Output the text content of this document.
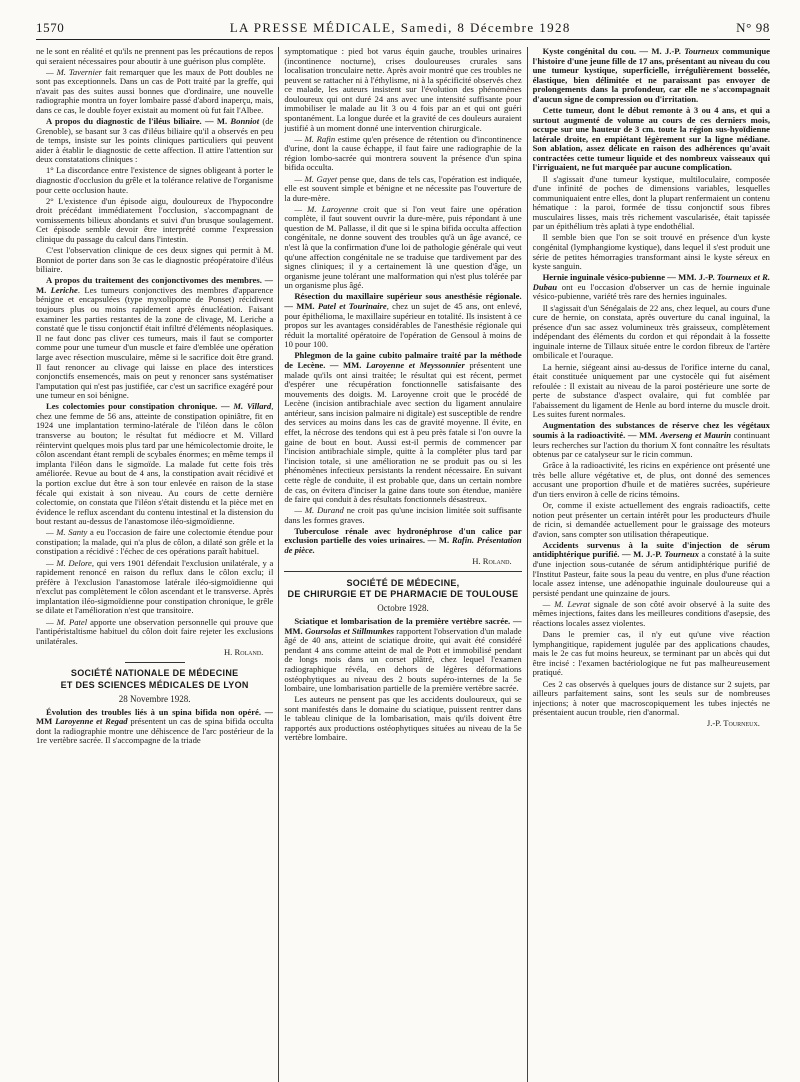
1570	LA PRESSE MÉDICALE, Samedi, 8 Décembre 1928	N° 98

ne le sont en réalité et qu'ils ne prennent pas les précautions de repos qui seraient nécessaires pour aboutir à une guérison plus complète.

— M. Tavernier fait remarquer que les maux de Pott doubles ne sont pas exceptionnels. Dans un cas de Pott traité par la greffe, qui n'avait pas des suites aussi bonnes que d'ordinaire, une nouvelle radiographie montra un foyer lombaire passé d'abord inaperçu, mais, dans ce cas, le double foyer existait au moment où fut fait l'Albee.

A propos du diagnostic de l'iléus biliaire. — M. Bonniot (de Grenoble), se basant sur 3 cas d'iléus biliaire qu'il a observés en peu de temps, insiste sur les points cliniques particuliers qui peuvent aider à établir le diagnostic de cette affection. Il attire l'attention sur deux constatations cliniques :

1° La discordance entre l'existence de signes obligeant à porter le diagnostic d'occlusion du grêle et la tolérance relative de l'organisme pour cette occlusion haute.

2° L'existence d'un épisode aigu, douloureux de l'hypocondre droit précédant immédiatement l'occlusion, s'accompagnant de vomissements bilieux abondants et suivi d'un brusque soulagement. Cet épisode semble devoir être interprété comme l'expression clinique du passage du calcul dans l'intestin.

C'est l'observation clinique de ces deux signes qui permit à M. Bonniot de porter dans son 3e cas le diagnostic préopératoire d'iléus biliaire.

A propos du traitement des conjonctivomes des membres. — M. Leriche. Les tumeurs conjonctives des membres d'apparence bénigne et encapsulées (type myxolipome de Ponset) récidivent toujours plus ou moins rapidement après énucléation. Faisant examiner les parties restantes de la zone de clivage, M. Leriche a constaté que le tissu conjonctif était infiltré d'éléments néoplasiques. Il ne faut donc pas cliver ces tumeurs, mais il faut se comporter comme pour une tumeur d'un muscle et faire d'emblée une opération large avec résection musculaire, même si le sacrifice doit être grand. Il faut renoncer au clivage qui laisse en place des interstices conjonctifs ensemencés, mais on peut y renoncer sans systématiser l'amputation qui n'est pas justifiée, car c'est un sacrifice exagéré pour une tumeur en soi bénigne.

Les colectomies pour constipation chronique. — M. Villard, chez une femme de 56 ans, atteinte de constipation opiniâtre, fit en 1924 une implantation termino-latérale de l'iléon dans le côlon transverse au bouton; le résultat fut médiocre et M. Villard réintervint quelques mois plus tard par une hémicolectomie droite, le côlon ascendant étant rempli de scybales énormes; en même temps il implanta l'iléon dans le sigmoïde. La malade fut cette fois très améliorée. Revue au bout de 4 ans, la constipation avait récidivé et la portion exclue dut être à son tour enlevée en raison de la stase fécale qui existait à son niveau. Au cours de cette dernière colectomie, on constata que l'iléon s'était distendu et la pièce met en évidence le reflux ascendant du contenu intestinal et la distension du bout restant au-dessus de l'anastomose iléo-sigmoïdienne.

— M. Santy a eu l'occasion de faire une colectomie étendue pour constipation; la malade, qui n'a plus de côlon, a dilaté son grêle et la constipation a récidivé : l'échec de ces opérations paraît habituel.

— M. Delore, qui vers 1901 défendait l'exclusion unilatérale, y a rapidement renoncé en raison du reflux dans le côlon exclu; il préfère à l'exclusion l'anastomose latérale iléo-sigmoïdienne qui n'exclut pas complètement le côlon ascendant et le transverse. Après implantation iléo-sigmoïdienne pour constipation chronique, le grêle se dilate et l'amélioration n'est que transitoire.

— M. Patel apporte une observation personnelle qui prouve que l'antipéristaltisme habituel du côlon doit faire rejeter les exclusions unilatérales.

H. Roland.
SOCIÉTÉ NATIONALE DE MÉDECINE
ET DES SCIENCES MÉDICALES DE LYON
28 Novembre 1928.

Évolution des troubles liés à un spina bifida non opéré. — MM Laroyenne et Regad présentent un cas de spina bifida occulta dont la radiographie montre une déhiscence de l'arc postérieur de la 1re vertèbre sacrée. Il s'accompagne de la triade

symptomatique : pied bot varus équin gauche, troubles urinaires (incontinence nocturne), crises douloureuses crurales sans localisation tronculaire nette. Après avoir montré que ces troubles ne peuvent se rattacher ni à l'éthylisme, ni à la spécificité observés chez ce malade, les auteurs insistent sur l'évolution des phénomènes douloureux qui ont duré 24 ans avec une intensité suffisante pour immobiliser le malade au lit 3 ou 4 fois par an et qui ont guéri spontanément. La longue durée et la gravité de ces douleurs auraient justifié à un moment donné une intervention chirurgicale.

— M. Rafin estime qu'en présence de rétention ou d'incontinence d'urine, dont la cause échappe, il faut faire une radiographie de la région lombo-sacrée qui montrera souvent la présence d'un spina bifida occulta.

— M. Gayet pense que, dans de tels cas, l'opération est indiquée, elle est souvent simple et bénigne et ne nécessite pas l'ouverture de la dure-mère.

— M. Laroyenne croit que si l'on veut faire une opération complète, il faut souvent ouvrir la dure-mère, puis répondant à une question de M. Pallasse, il dit que si le spina bifida occulta affection congénitale, ne donne souvent des troubles qu'à un âge avancé, ce n'est là que la confirmation d'une loi de pathologie générale qui veut qu'une affection congénitale ne se traduise que tardivement par des signes cliniques; il y a certainement là une question d'âge, un organisme jeune tolérant une malformation qui n'est plus tolérée par un organisme plus âgé.

Résection du maxillaire supérieur sous anesthésie régionale. — MM. Patel et Tourinaire, chez un sujet de 45 ans, ont enlevé, pour épithélioma, le maxillaire supérieur en totalité. Ils insistent à ce propos sur les avantages considérables de l'anesthésie régionale qui réduit la mortalité opératoire de l'opération de Gensoul à moins de 10 pour 100.

Phlegmon de la gaine cubito palmaire traité par la méthode de Lecène. — MM. Laroyenne et Meyssonnier présentent une malade qu'ils ont ainsi traitée; le résultat qui est récent, permet d'espérer une récupération fonctionnelle satisfaisante des mouvements des doigts. M. Laroyenne croit que le procédé de Lecène (incision antibrachiale avec section du ligament annulaire antérieur, sans incision palmaire ni digitale) est susceptible de rendre des services au moins dans les cas de gravité moyenne. Il évite, en effet, la nécrose des tendons qui est à peu près fatale si l'on ouvre la gaine de bout en bout. Aussi est-il permis de commencer par l'incision antibrachiale simple, quitte à la compléter plus tard par l'incision totale, si une amélioration ne se produit pas ou si les phénomènes infectieux persistants la rendent nécessaire. En suivant cette règle de conduite, il est probable que, dans un certain nombre de cas, on évitera d'inciser la gaine dans toute son étendue, manière de faire qui conduit à des résultats fonctionnels désastreux.

— M. Durand ne croit pas qu'une incision limitée soit suffisante dans les formes graves.

Tuberculose rénale avec hydronéphrose d'un calice par exclusion partielle des voies urinaires. — M. Rafin. Présentation de pièce.

H. Roland.
SOCIÉTÉ DE MÉDECINE,
DE CHIRURGIE ET DE PHARMACIE DE TOULOUSE
Octobre 1928.

Sciatique et lombarisation de la première vertèbre sacrée. — MM. Goursolas et Stillmunkes rapportent l'observation d'un malade âgé de 40 ans, atteint de sciatique droite, qui avait été considéré pendant 4 ans comme atteint de mal de Pott et immobilisé pendant de longs mois dans un corset plâtré, chez lequel l'examen radiographique révéla, en dehors de légères déformations ostéophytiques au niveau des 2 bouts supéro-internes de la 5e lombaire, une lombarisation partielle de la première vertèbre sacrée.

Les auteurs ne pensent pas que les accidents douloureux, qui se sont manifestés dans le domaine du sciatique, puissent rentrer dans le tableau clinique de la lombarisation, mais qu'ils doivent être rapportés aux productions ostéophytiques situées au niveau de la 5e vertèbre lombaire.

Kyste congénital du cou. — M. J.-P. Tourneux communique l'histoire d'une jeune fille de 17 ans, présentant au niveau du cou une tumeur kystique, superficielle, irrégulièrement bosselée, élastique, bien délimitée et ne paraissant pas envoyer de prolongements dans la profondeur, car elle ne s'accompagnait d'aucun signe de compression ou d'irritation.

Cette tumeur, dont le début remonte à 3 ou 4 ans, et qui a surtout augmenté de volume au cours de ces derniers mois, occupe sur une hauteur de 3 cm. toute la région sus-hyoïdienne latérale droite, en empiétant légèrement sur la ligne médiane. Son ablation, assez délicate en raison des adhérences qu'avait contractées cette tumeur liquide et des nombreux vaisseaux qui l'irriguaient, ne fut marquée par aucune complication.

Il s'agissait d'une tumeur kystique, multiloculaire, composée d'une infinité de poches de dimensions variables, lesquelles communiquaient entre elles, dont la plupart renfermaient un contenu hématique : la paroi, formée de tissu conjonctif sous fibres musculaires lisses, mais très richement vascularisée, était tapissée par un épithélium très aplati à type endothélial.

Il semble bien que l'on se soit trouvé en présence d'un kyste congénital (lymphangiome kystique), dans lequel il s'est produit une série de petites hémorragies transformant ainsi le kyste séreux en kyste sanguin.

Hernie inguinale vésico-pubienne — MM. J.-P. Tourneux et R. Dubau ont eu l'occasion d'observer un cas de hernie inguinale vésico-pubienne, variété très rare des hernies inguinales.

Il s'agissait d'un Sénégalais de 22 ans, chez lequel, au cours d'une cure de hernie, on constata, après ouverture du canal inguinal, la présence d'un sac assez volumineux très graisseux, complètement indépendant des éléments du cordon et qui répondait à la fossette inguinale interne de Tillaux située entre le cordon fibreux de l'artère ombilicale et l'ouraque.

La hernie, siégeant ainsi au-dessus de l'orifice interne du canal, était constituée uniquement par une cystocèle qui fut aisément refoulée : Il existait au niveau de la paroi postérieure une sorte de perte de substance d'aspect ovalaire, qui fut comblée par l'abaissement du ligament de Henle au bord interne du muscle droit. Les suites furent normales.

Augmentation des substances de réserve chez les végétaux soumis à la radioactivité. — MM. Averseng et Maurin continuant leurs recherches sur l'action du thorium X font connaître les résultats obtenus par ce catalyseur sur le ricin commun.

Grâce à la radioactivité, les ricins en expérience ont présenté une très belle allure végétative et, de plus, ont donné des semences accusant une proportion d'huile et de matières sucrées, supérieure d'un tiers environ à celle de ricins témoins.

Or, comme il existe actuellement des engrais radioactifs, cette notion peut présenter un certain intérêt pour les producteurs d'huile de ricin, si demandée actuellement pour le graissage des moteurs d'avion, sans compter son utilisation thérapeutique.

Accidents survenus à la suite d'injection de sérum antidiphtérique purifié. — M. J.-P. Tourneux a constaté à la suite d'une injection sous-cutanée de sérum antidiphtérique purifié de l'Institut Pasteur, faite sous la peau du ventre, en plus d'une réaction locale assez intense, une adénopathie inguinale douloureuse qui a persisté pendant une quinzaine de jours.

— M. Levrat signale de son côté avoir observé à la suite des mêmes injections, faites dans les meilleures conditions d'asepsie, des réactions locales assez violentes.

Dans le premier cas, il n'y eut qu'une vive réaction lymphangitique, rapidement jugulée par des applications chaudes, mais le 2e cas fut moins heureux, se terminant par un abcès qui dut être incisé : l'examen bactériologique ne fut pas malheureusement pratiqué.

Ces 2 cas observés à quelques jours de distance sur 2 sujets, par ailleurs parfaitement sains, sont les seuls sur de nombreuses injections; à noter que macroscopiquement les tubes injectés ne présentaient aucun trouble, rien d'anormal.

J.-P. Tourneux.
